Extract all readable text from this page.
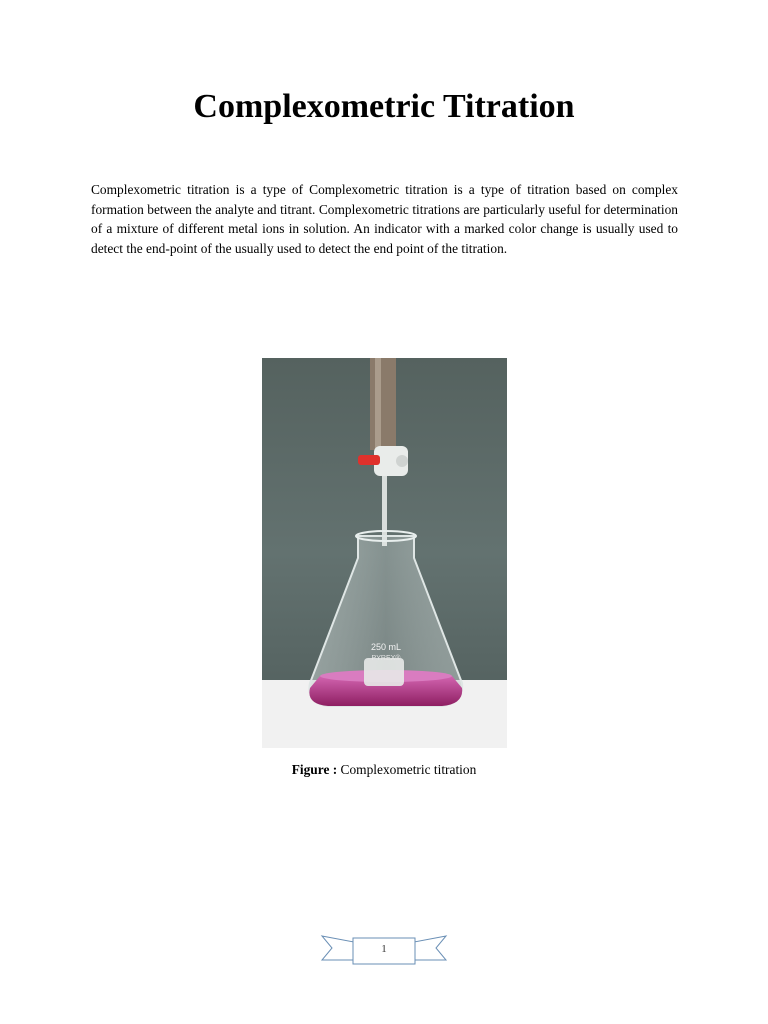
Complexometric Titration

Complexometric titration is a type of Complexometric titration is a type of titration based on complex formation between the analyte and titrant. Complexometric titrations are particularly useful for determination of a mixture of different metal ions in solution. An indicator with a marked color change is usually used to detect the end-point of the usually used to detect the end point of the titration.

250 mL
PYREX®
Figure : Complexometric titration
1
